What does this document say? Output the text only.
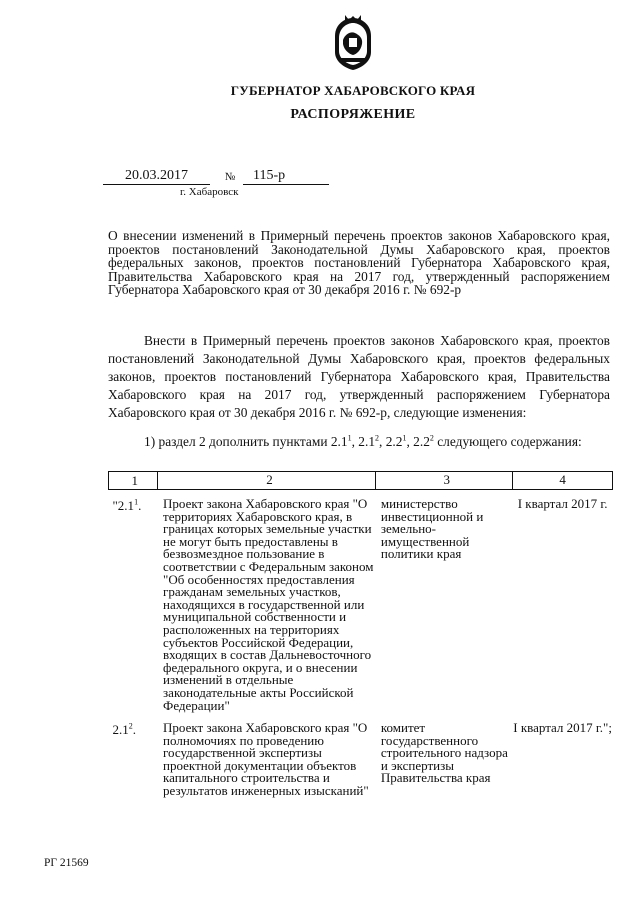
ГУБЕРНАТОР ХАБАРОВСКОГО КРАЯ
РАСПОРЯЖЕНИЕ
20.03.2017	№	115-р
г. Хабаровск
О внесении изменений в Примерный перечень проектов законов Хабаровского края, проектов постановлений Законодательной Думы Хабаровского края, проектов федеральных законов, проектов постановлений Губернатора Хабаровского края, Правительства Хабаровского края на 2017 год, утвержденный распоряжением Губернатора Хабаровского края от 30 декабря 2016 г. № 692-р
Внести в Примерный перечень проектов законов Хабаровского края, проектов постановлений Законодательной Думы Хабаровского края, проектов федеральных законов, проектов постановлений Губернатора Хабаровского края, Правительства Хабаровского края на 2017 год, утвержденный распоряжением Губернатора Хабаровского края от 30 декабря 2016 г. № 692-р, следующие изменения:
1) раздел 2 дополнить пунктами $2.1^1$, $2.1^2$, $2.2^1$, $2.2^2$ следующего содержания:
1	2	3	4
"$2.1^1$.	Проект закона Хабаровского края "О территориях Хабаровского края, в границах которых земельные участки не могут быть предоставлены в безвозмездное пользование в соответствии с Федеральным законом "Об особенностях предоставления гражданам земельных участков, находящихся в государственной или муниципальной собственности и расположенных на территориях субъектов Российской Федерации, входящих в состав Дальневосточного федерального округа, и о внесении изменений в отдельные законодательные акты Российской Федерации"	министерство инвестиционной и земельно-имущественной политики края	I квартал 2017 г.
$2.1^2$.	Проект закона Хабаровского края "О полномочиях по проведению государственной экспертизы проектной документации объектов капитального строительства и результатов инженерных изысканий"	комитет государственного строительного надзора и экспертизы Правительства края	I квартал 2017 г.";
РГ 21569
